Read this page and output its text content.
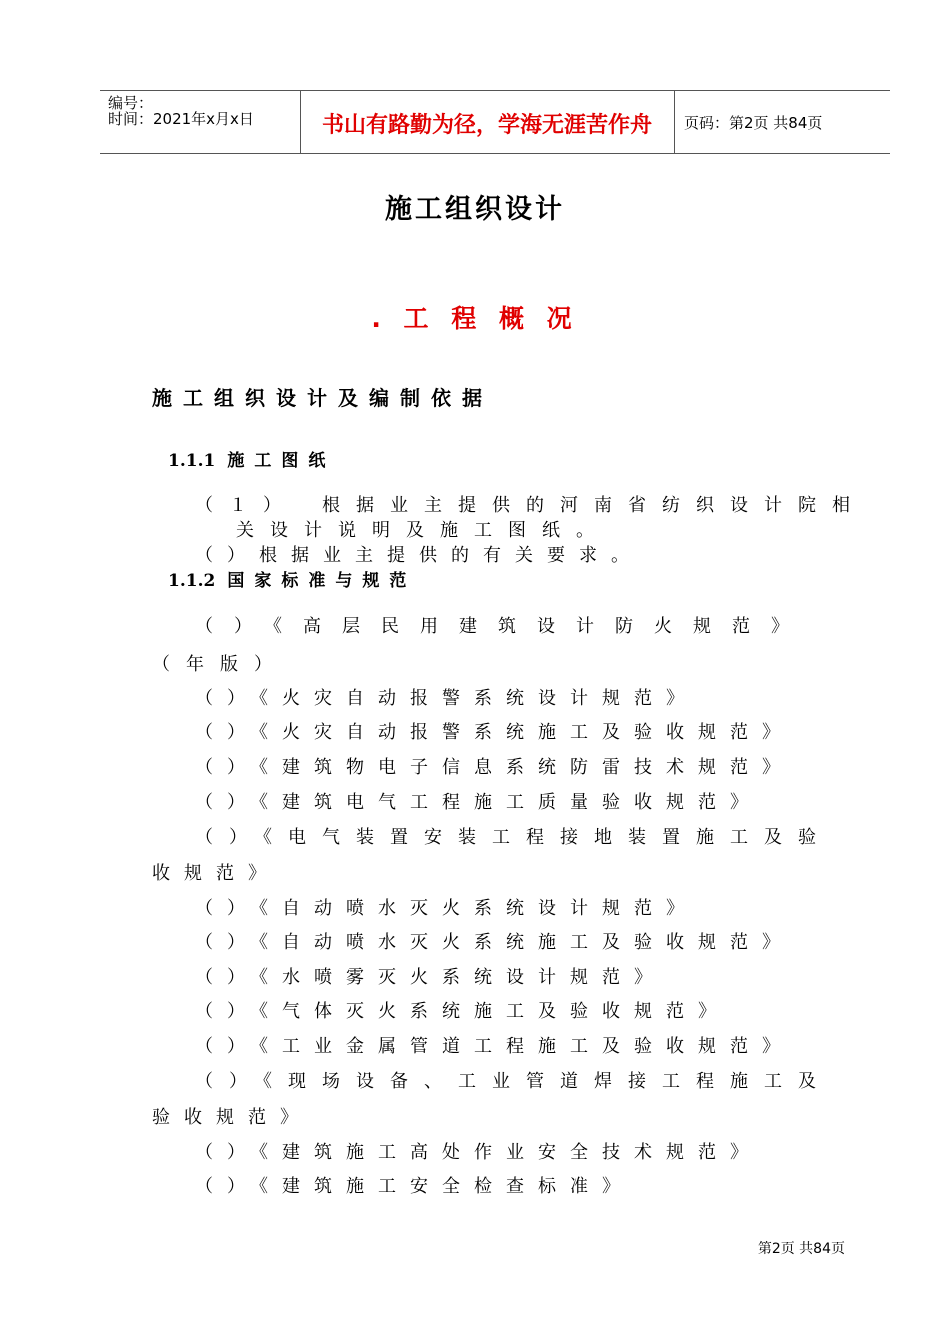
编号：
时间：2021年x月x日	书山有路勤为径，学海无涯苦作舟	页码：第2页 共84页
施工组织设计
. 工 程 概 况
施工组织设计及编制依据
1.1.1 施工图纸
（１）　根据业主提供的河南省纺织设计院相
关设计说明及施工图纸。
（）根据业主提供的有关要求。
1.1.2 国家标准与规范
（）《高层民用建筑设计防火规范》
（年版）
（）《火灾自动报警系统设计规范》
（）《火灾自动报警系统施工及验收规范》
（）《建筑物电子信息系统防雷技术规范》
（）《建筑电气工程施工质量验收规范》
（）《电气装置安装工程接地装置施工及验
收规范》
（）《自动喷水灭火系统设计规范》
（）《自动喷水灭火系统施工及验收规范》
（）《水喷雾灭火系统设计规范》
（）《气体灭火系统施工及验收规范》
（）《工业金属管道工程施工及验收规范》
（）《现场设备、工业管道焊接工程施工及
验收规范》
（）《建筑施工高处作业安全技术规范》
（）《建筑施工安全检查标准》
第2页 共84页
